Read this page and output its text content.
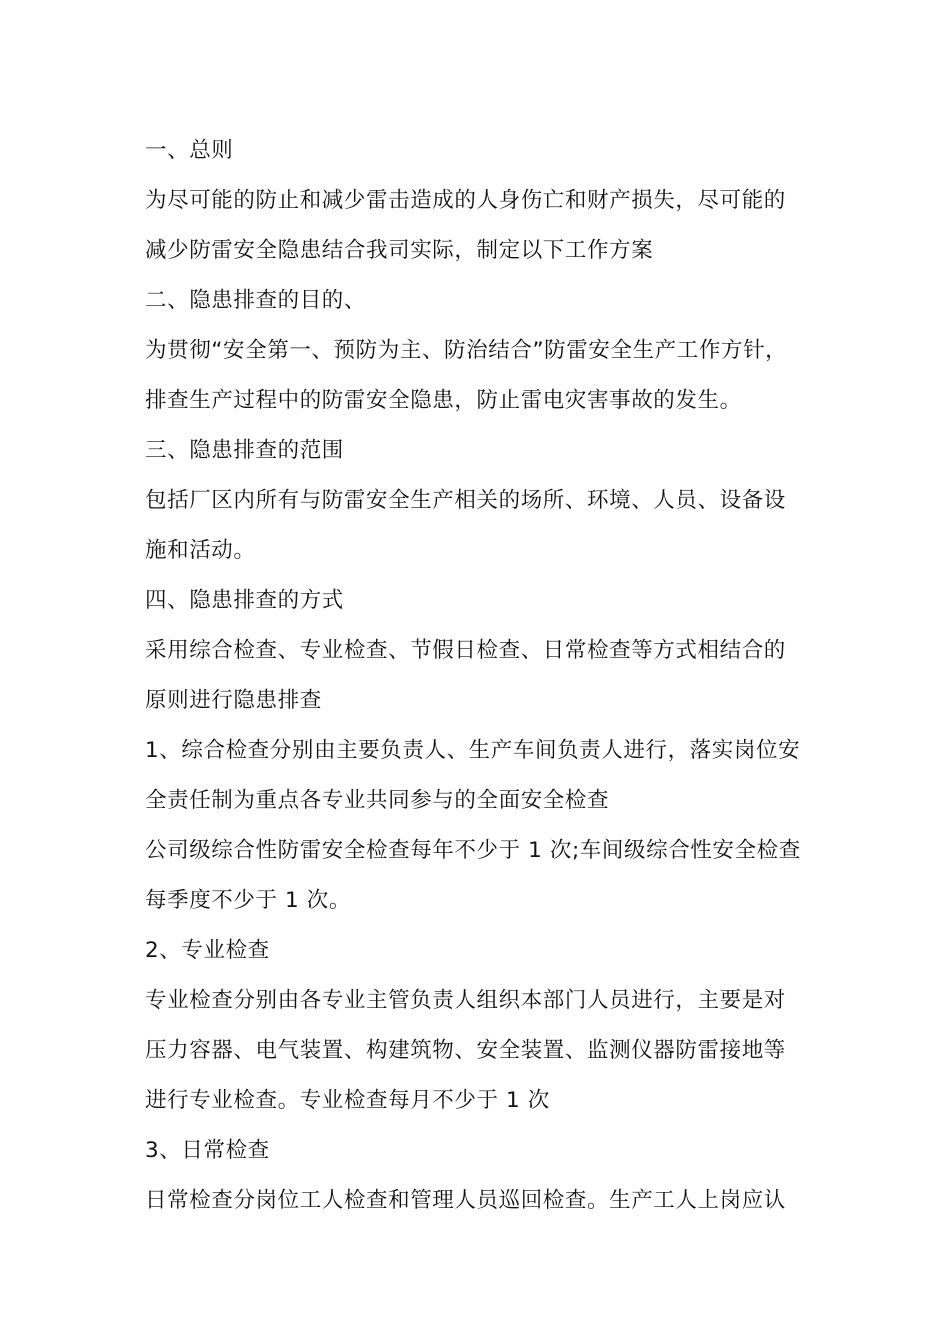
一、总则
为尽可能的防止和减少雷击造成的人身伤亡和财产损失，尽可能的
减少防雷安全隐患结合我司实际，制定以下工作方案
二、隐患排查的目的、
为贯彻“安全第一、预防为主、防治结合”防雷安全生产工作方针，
排查生产过程中的防雷安全隐患，防止雷电灾害事故的发生。
三、隐患排查的范围
包括厂区内所有与防雷安全生产相关的场所、环境、人员、设备设
施和活动。
四、隐患排查的方式
采用综合检查、专业检查、节假日检查、日常检查等方式相结合的
原则进行隐患排查
1、综合检查分别由主要负责人、生产车间负责人进行，落实岗位安
全责任制为重点各专业共同参与的全面安全检查
公司级综合性防雷安全检查每年不少于 1 次;车间级综合性安全检查
每季度不少于 1 次。
2、专业检查
专业检查分别由各专业主管负责人组织本部门人员进行，主要是对
压力容器、电气装置、构建筑物、安全装置、监测仪器防雷接地等
进行专业检查。专业检查每月不少于 1 次
3、日常检查
日常检查分岗位工人检查和管理人员巡回检查。生产工人上岗应认
